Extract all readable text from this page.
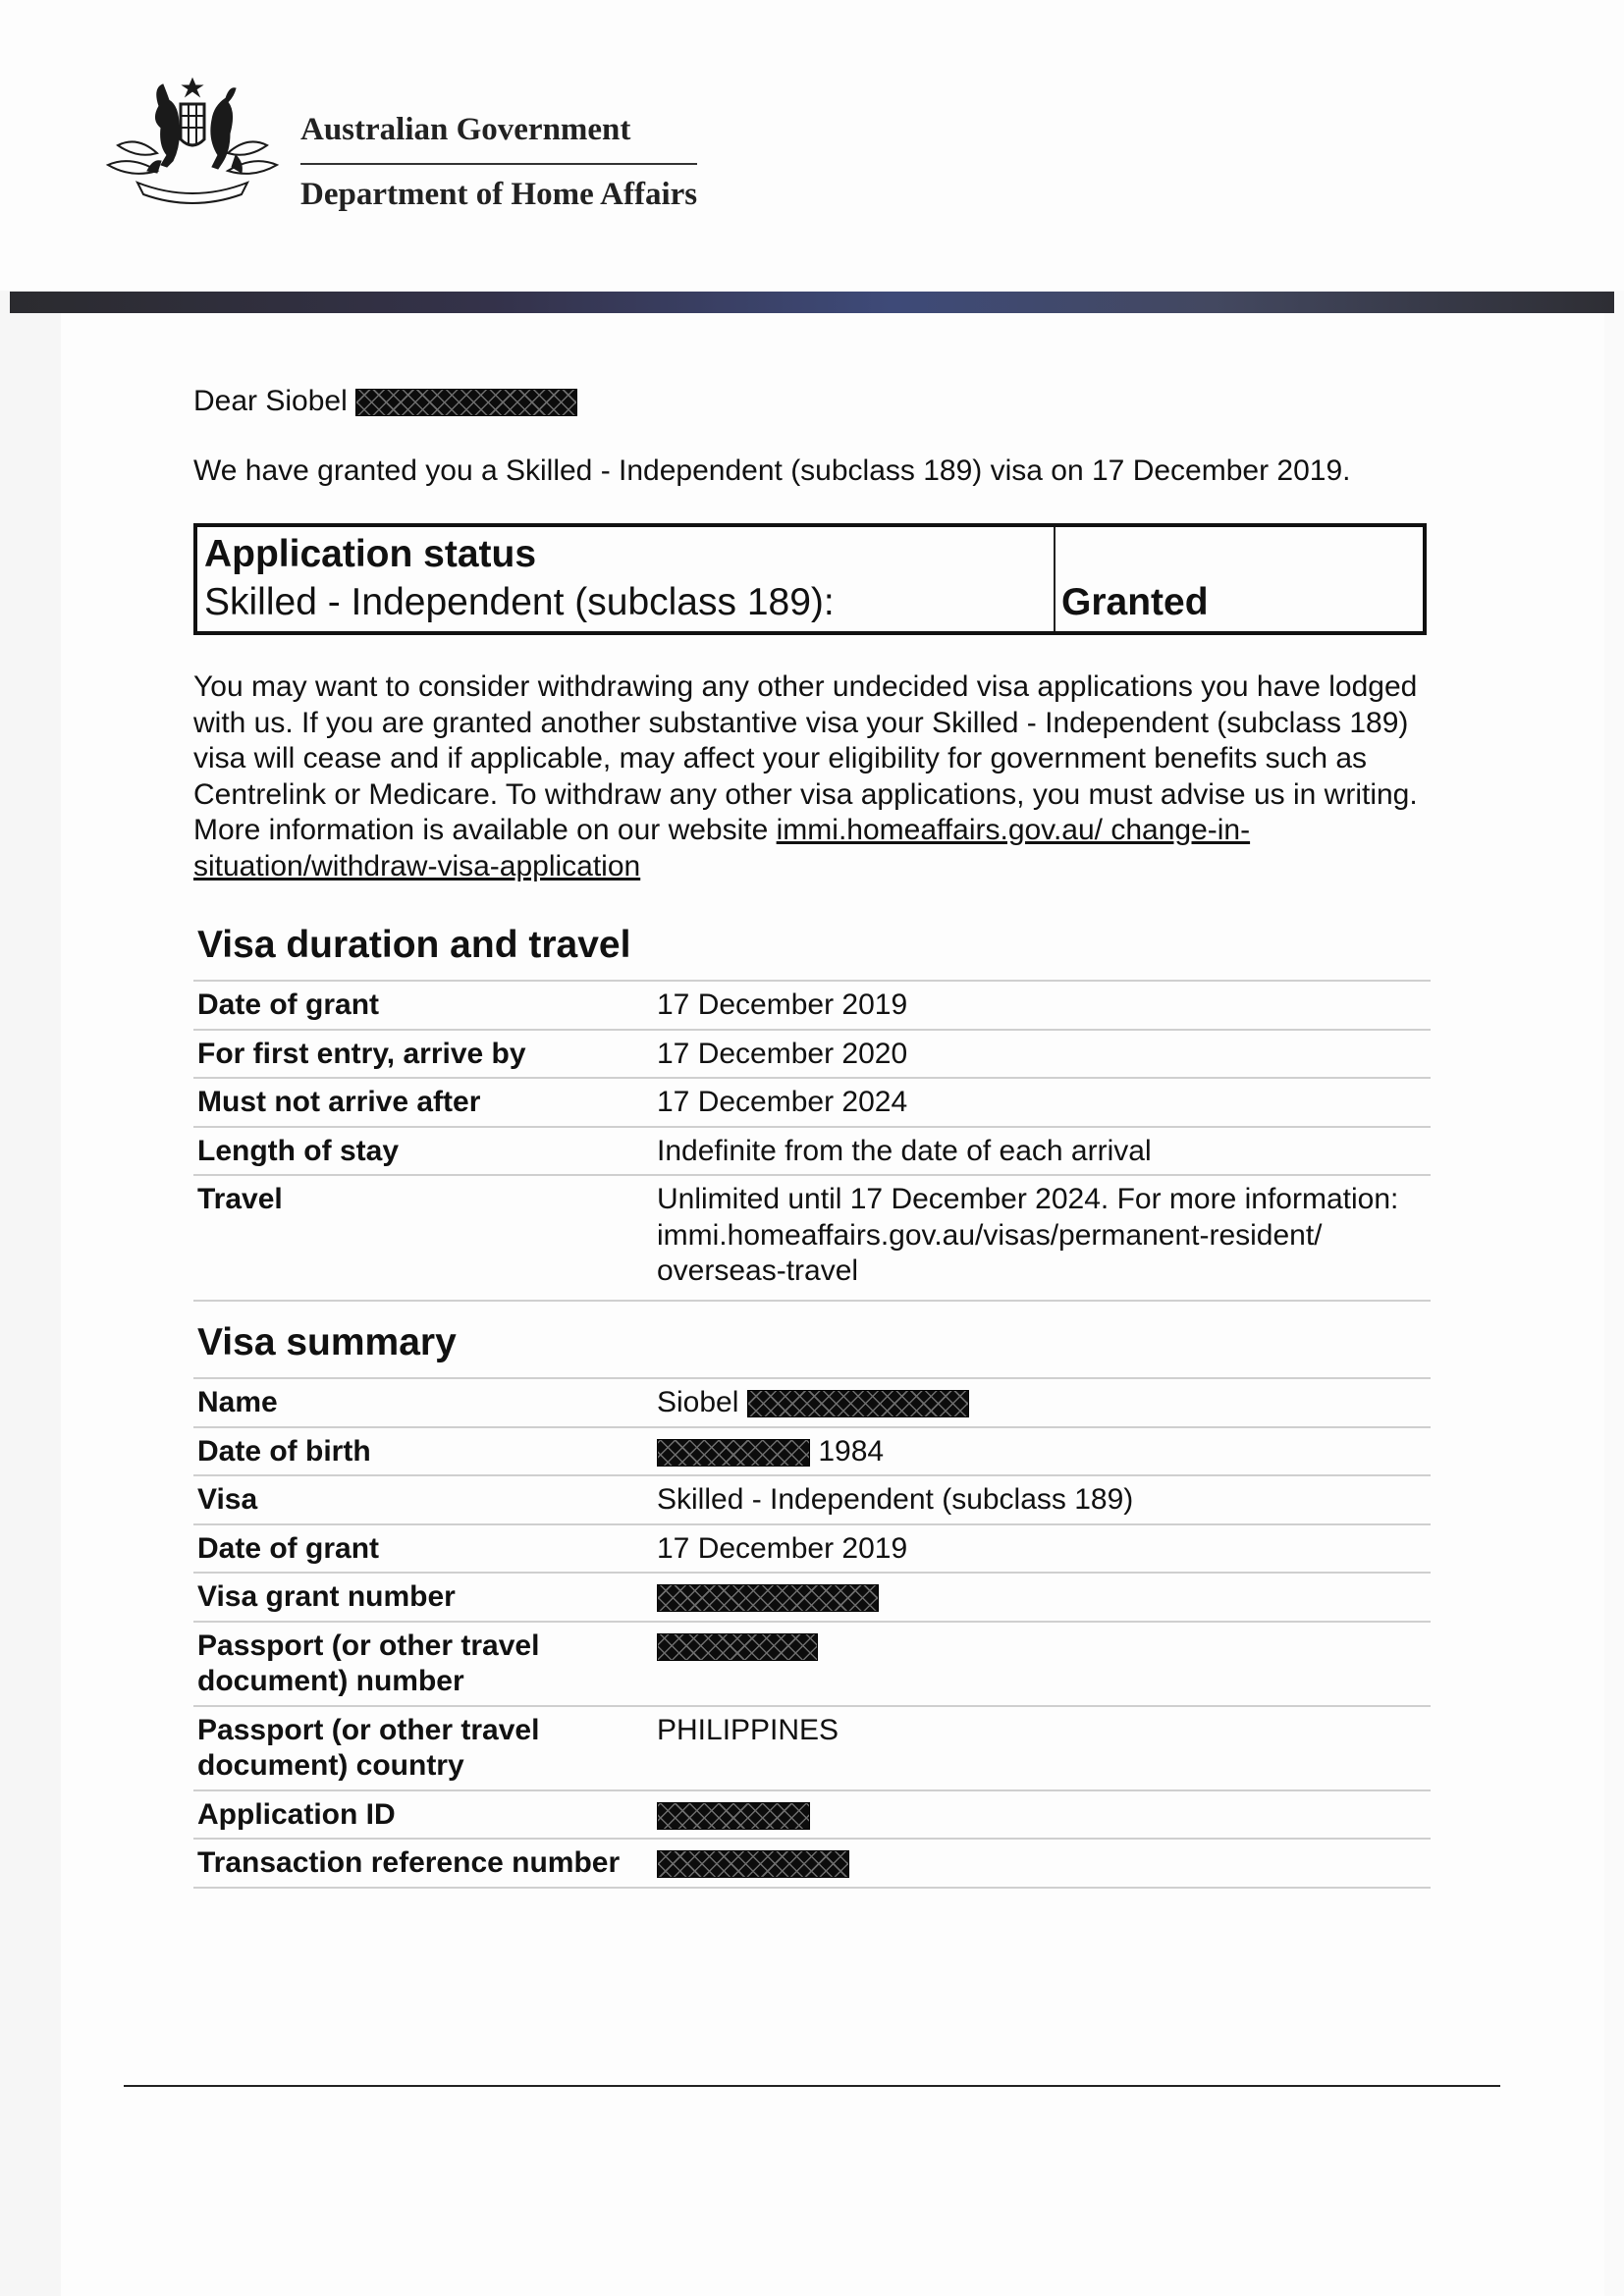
Australian Government
Department of Home Affairs
Dear Siobel
We have granted you a Skilled - Independent (subclass 189) visa on 17 December 2019.
Application status
Skilled - Independent (subclass 189):	Granted

You may want to consider withdrawing any other undecided visa applications you have lodged with us. If you are granted another substantive visa your Skilled - Independent (subclass 189) visa will cease and if applicable, may affect your eligibility for government benefits such as Centrelink or Medicare. To withdraw any other visa applications, you must advise us in writing. More information is available on our website immi.homeaffairs.gov.au/ change-in-situation/withdraw-visa-application

Visa duration and travel
Date of grant	17 December 2019
For first entry, arrive by	17 December 2020
Must not arrive after	17 December 2024
Length of stay	Indefinite from the date of each arrival
Travel	Unlimited until 17 December 2024. For more information: immi.homeaffairs.gov.au/visas/permanent-resident/ overseas-travel
Visa summary
Name	Siobel
Date of birth	1984
Visa	Skilled - Independent (subclass 189)
Date of grant	17 December 2019
Visa grant number	
Passport (or other travel document) number	
Passport (or other travel document) country	PHILIPPINES
Application ID	
Transaction reference number	
